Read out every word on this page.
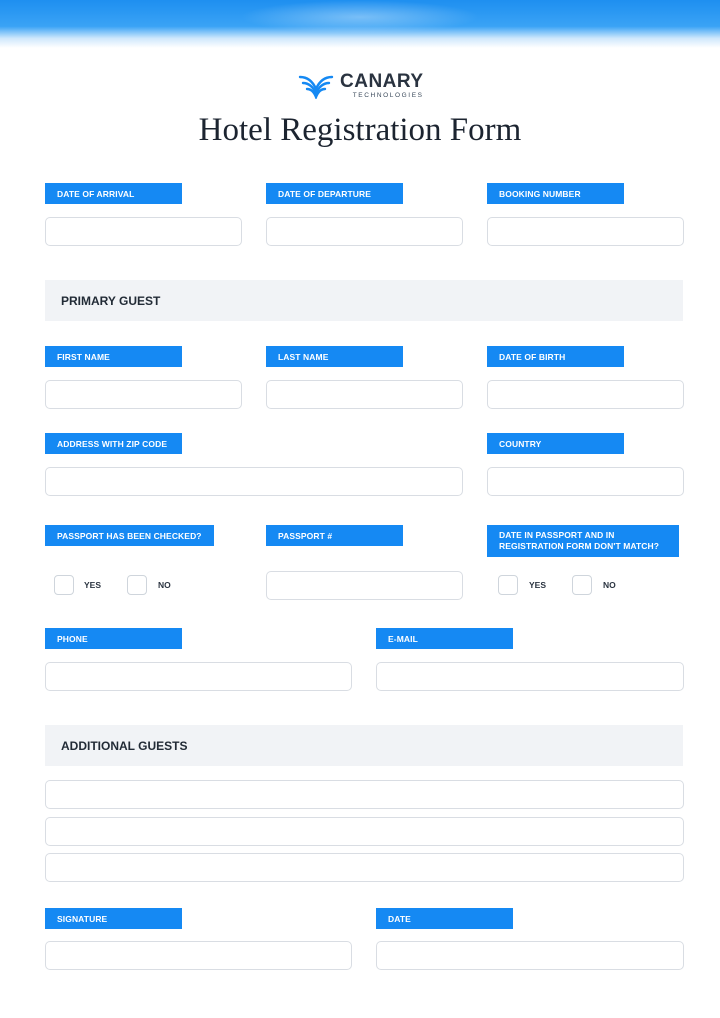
CANARY
TECHNOLOGIES
Hotel Registration Form
DATE OF ARRIVAL	DATE OF DEPARTURE	BOOKING NUMBER
PRIMARY GUEST
FIRST NAME	LAST NAME	DATE OF BIRTH
ADDRESS WITH ZIP CODE	COUNTRY
PASSPORT HAS BEEN CHECKED?	PASSPORT #	DATE IN PASSPORT AND IN
REGISTRATION FORM DON'T MATCH?
YES	NO	YES	NO
PHONE	E-MAIL
ADDITIONAL GUESTS
SIGNATURE	DATE
